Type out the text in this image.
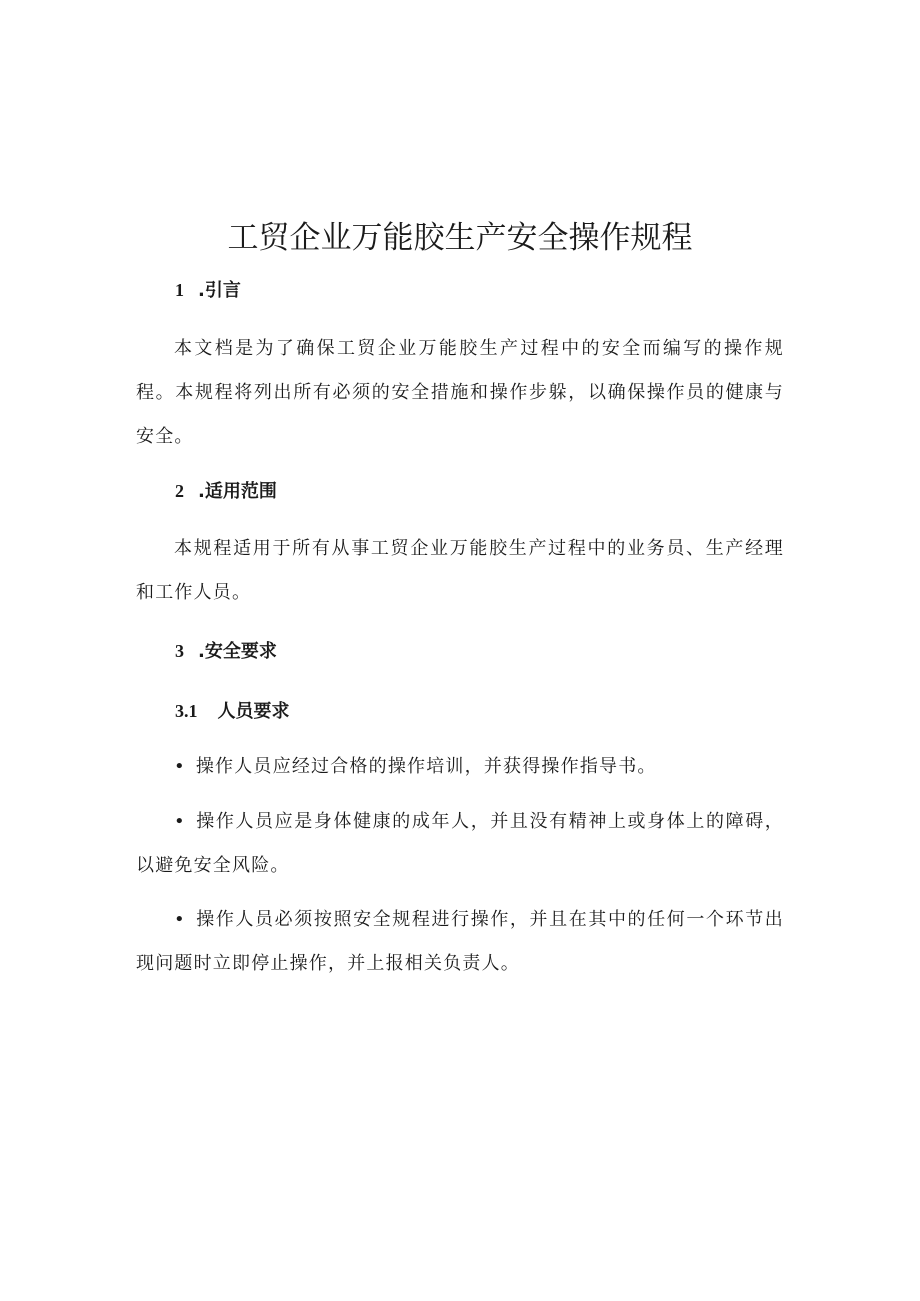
工贸企业万能胶生产安全操作规程
1 .引言

本文档是为了确保工贸企业万能胶生产过程中的安全而编写的操作规程。本规程将列出所有必须的安全措施和操作步躲，以确保操作员的健康与安全。

2 .适用范围

本规程适用于所有从事工贸企业万能胶生产过程中的业务员、生产经理和工作人员。

3 .安全要求
3.1 人员要求

• 操作人员应经过合格的操作培训，并获得操作指导书。

• 操作人员应是身体健康的成年人，并且没有精神上或身体上的障碍，以避免安全风险。

• 操作人员必须按照安全规程进行操作，并且在其中的任何一个环节出现问题时立即停止操作，并上报相关负责人。
